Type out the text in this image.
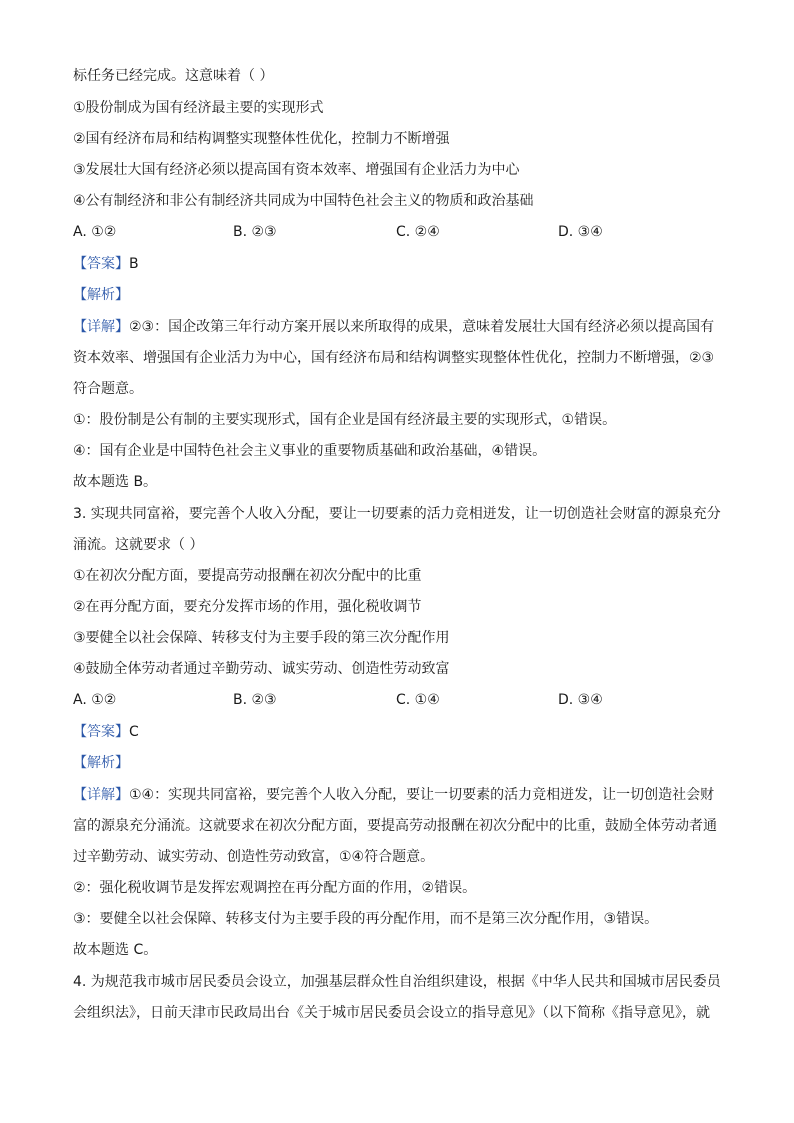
标任务已经完成。这意味着（ ）
①股份制成为国有经济最主要的实现形式
②国有经济布局和结构调整实现整体性优化，控制力不断增强
③发展壮大国有经济必须以提高国有资本效率、增强国有企业活力为中心
④公有制经济和非公有制经济共同成为中国特色社会主义的物质和政治基础
A. ①②	B. ②③	C. ②④	D. ③④
【答案】B
【解析】
【详解】②③：国企改第三年行动方案开展以来所取得的成果，意味着发展壮大国有经济必须以提高国有
资本效率、增强国有企业活力为中心，国有经济布局和结构调整实现整体性优化，控制力不断增强，②③
符合题意。
①：股份制是公有制的主要实现形式，国有企业是国有经济最主要的实现形式，①错误。
④：国有企业是中国特色社会主义事业的重要物质基础和政治基础，④错误。
故本题选 B。
3. 实现共同富裕，要完善个人收入分配，要让一切要素的活力竞相迸发，让一切创造社会财富的源泉充分
涌流。这就要求（ ）
①在初次分配方面，要提高劳动报酬在初次分配中的比重
②在再分配方面，要充分发挥市场的作用，强化税收调节
③要健全以社会保障、转移支付为主要手段的第三次分配作用
④鼓励全体劳动者通过辛勤劳动、诚实劳动、创造性劳动致富
A. ①②	B. ②③	C. ①④	D. ③④
【答案】C
【解析】
【详解】①④：实现共同富裕，要完善个人收入分配，要让一切要素的活力竞相迸发，让一切创造社会财
富的源泉充分涌流。这就要求在初次分配方面，要提高劳动报酬在初次分配中的比重，鼓励全体劳动者通
过辛勤劳动、诚实劳动、创造性劳动致富，①④符合题意。
②：强化税收调节是发挥宏观调控在再分配方面的作用，②错误。
③：要健全以社会保障、转移支付为主要手段的再分配作用，而不是第三次分配作用，③错误。
故本题选 C。
4. 为规范我市城市居民委员会设立，加强基层群众性自治组织建设，根据《中华人民共和国城市居民委员
会组织法》，日前天津市民政局出台《关于城市居民委员会设立的指导意见》（以下简称《指导意见》，就
